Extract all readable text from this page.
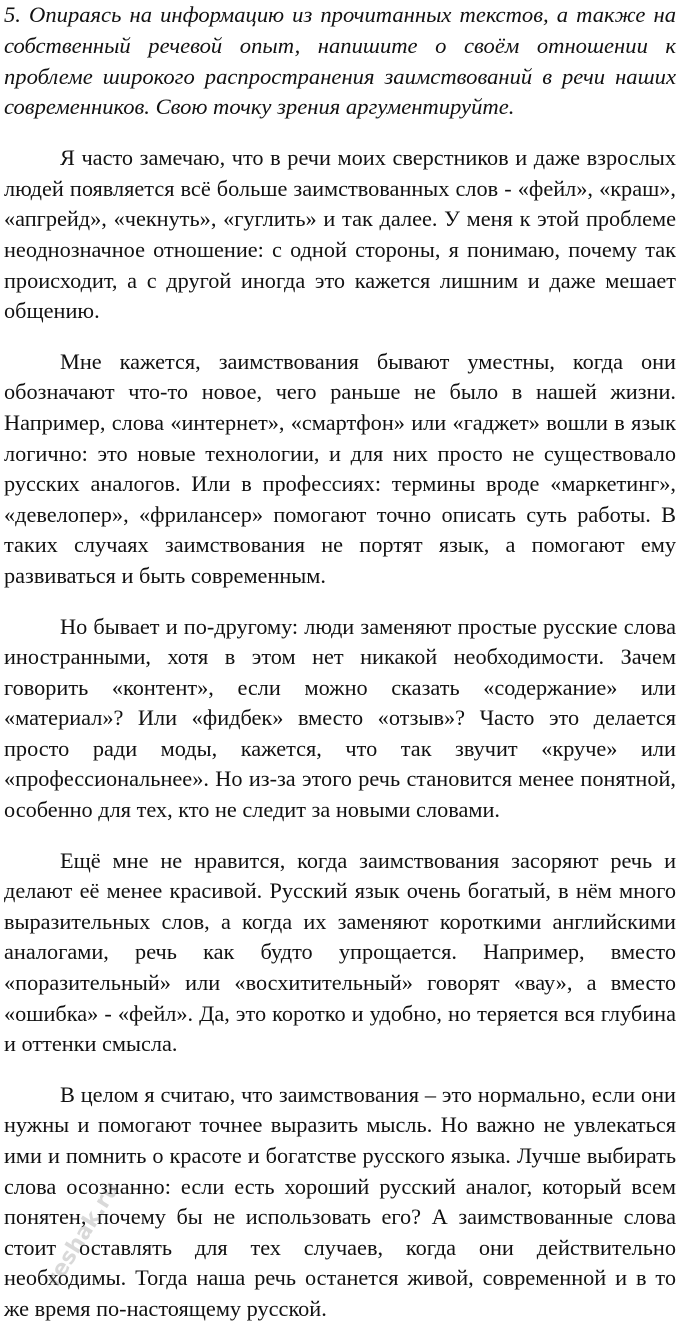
5. Опираясь на информацию из прочитанных текстов, а также на собственный речевой опыт, напишите о своём отношении к проблеме широкого распространения заимствований в речи наших современников. Свою точку зрения аргументируйте.

Я часто замечаю, что в речи моих сверстников и даже взрослых людей появляется всё больше заимствованных слов - «фейл», «краш», «апгрейд», «чекнуть», «гуглить» и так далее. У меня к этой проблеме неоднозначное отношение: с одной стороны, я понимаю, почему так происходит, а с другой иногда это кажется лишним и даже мешает общению.

Мне кажется, заимствования бывают уместны, когда они обозначают что-то новое, чего раньше не было в нашей жизни. Например, слова «интернет», «смартфон» или «гаджет» вошли в язык логично: это новые технологии, и для них просто не существовало русских аналогов. Или в профессиях: термины вроде «маркетинг», «девелопер», «фрилансер» помогают точно описать суть работы. В таких случаях заимствования не портят язык, а помогают ему развиваться и быть современным.

Но бывает и по-другому: люди заменяют простые русские слова иностранными, хотя в этом нет никакой необходимости. Зачем говорить «контент», если можно сказать «содержание» или «материал»? Или «фидбек» вместо «отзыв»? Часто это делается просто ради моды, кажется, что так звучит «круче» или «профессиональнее». Но из-за этого речь становится менее понятной, особенно для тех, кто не следит за новыми словами.

Ещё мне не нравится, когда заимствования засоряют речь и делают её менее красивой. Русский язык очень богатый, в нём много выразительных слов, а когда их заменяют короткими английскими аналогами, речь как будто упрощается. Например, вместо «поразительный» или «восхитительный» говорят «вау», а вместо «ошибка» - «фейл». Да, это коротко и удобно, но теряется вся глубина и оттенки смысла.

В целом я считаю, что заимствования – это нормально, если они нужны и помогают точнее выразить мысль. Но важно не увлекаться ими и помнить о красоте и богатстве русского языка. Лучше выбирать слова осознанно: если есть хороший русский аналог, который всем понятен, почему бы не использовать его? А заимствованные слова стоит оставлять для тех случаев, когда они действительно необходимы. Тогда наша речь останется живой, современной и в то же время по-настоящему русской.

reshak.ru
